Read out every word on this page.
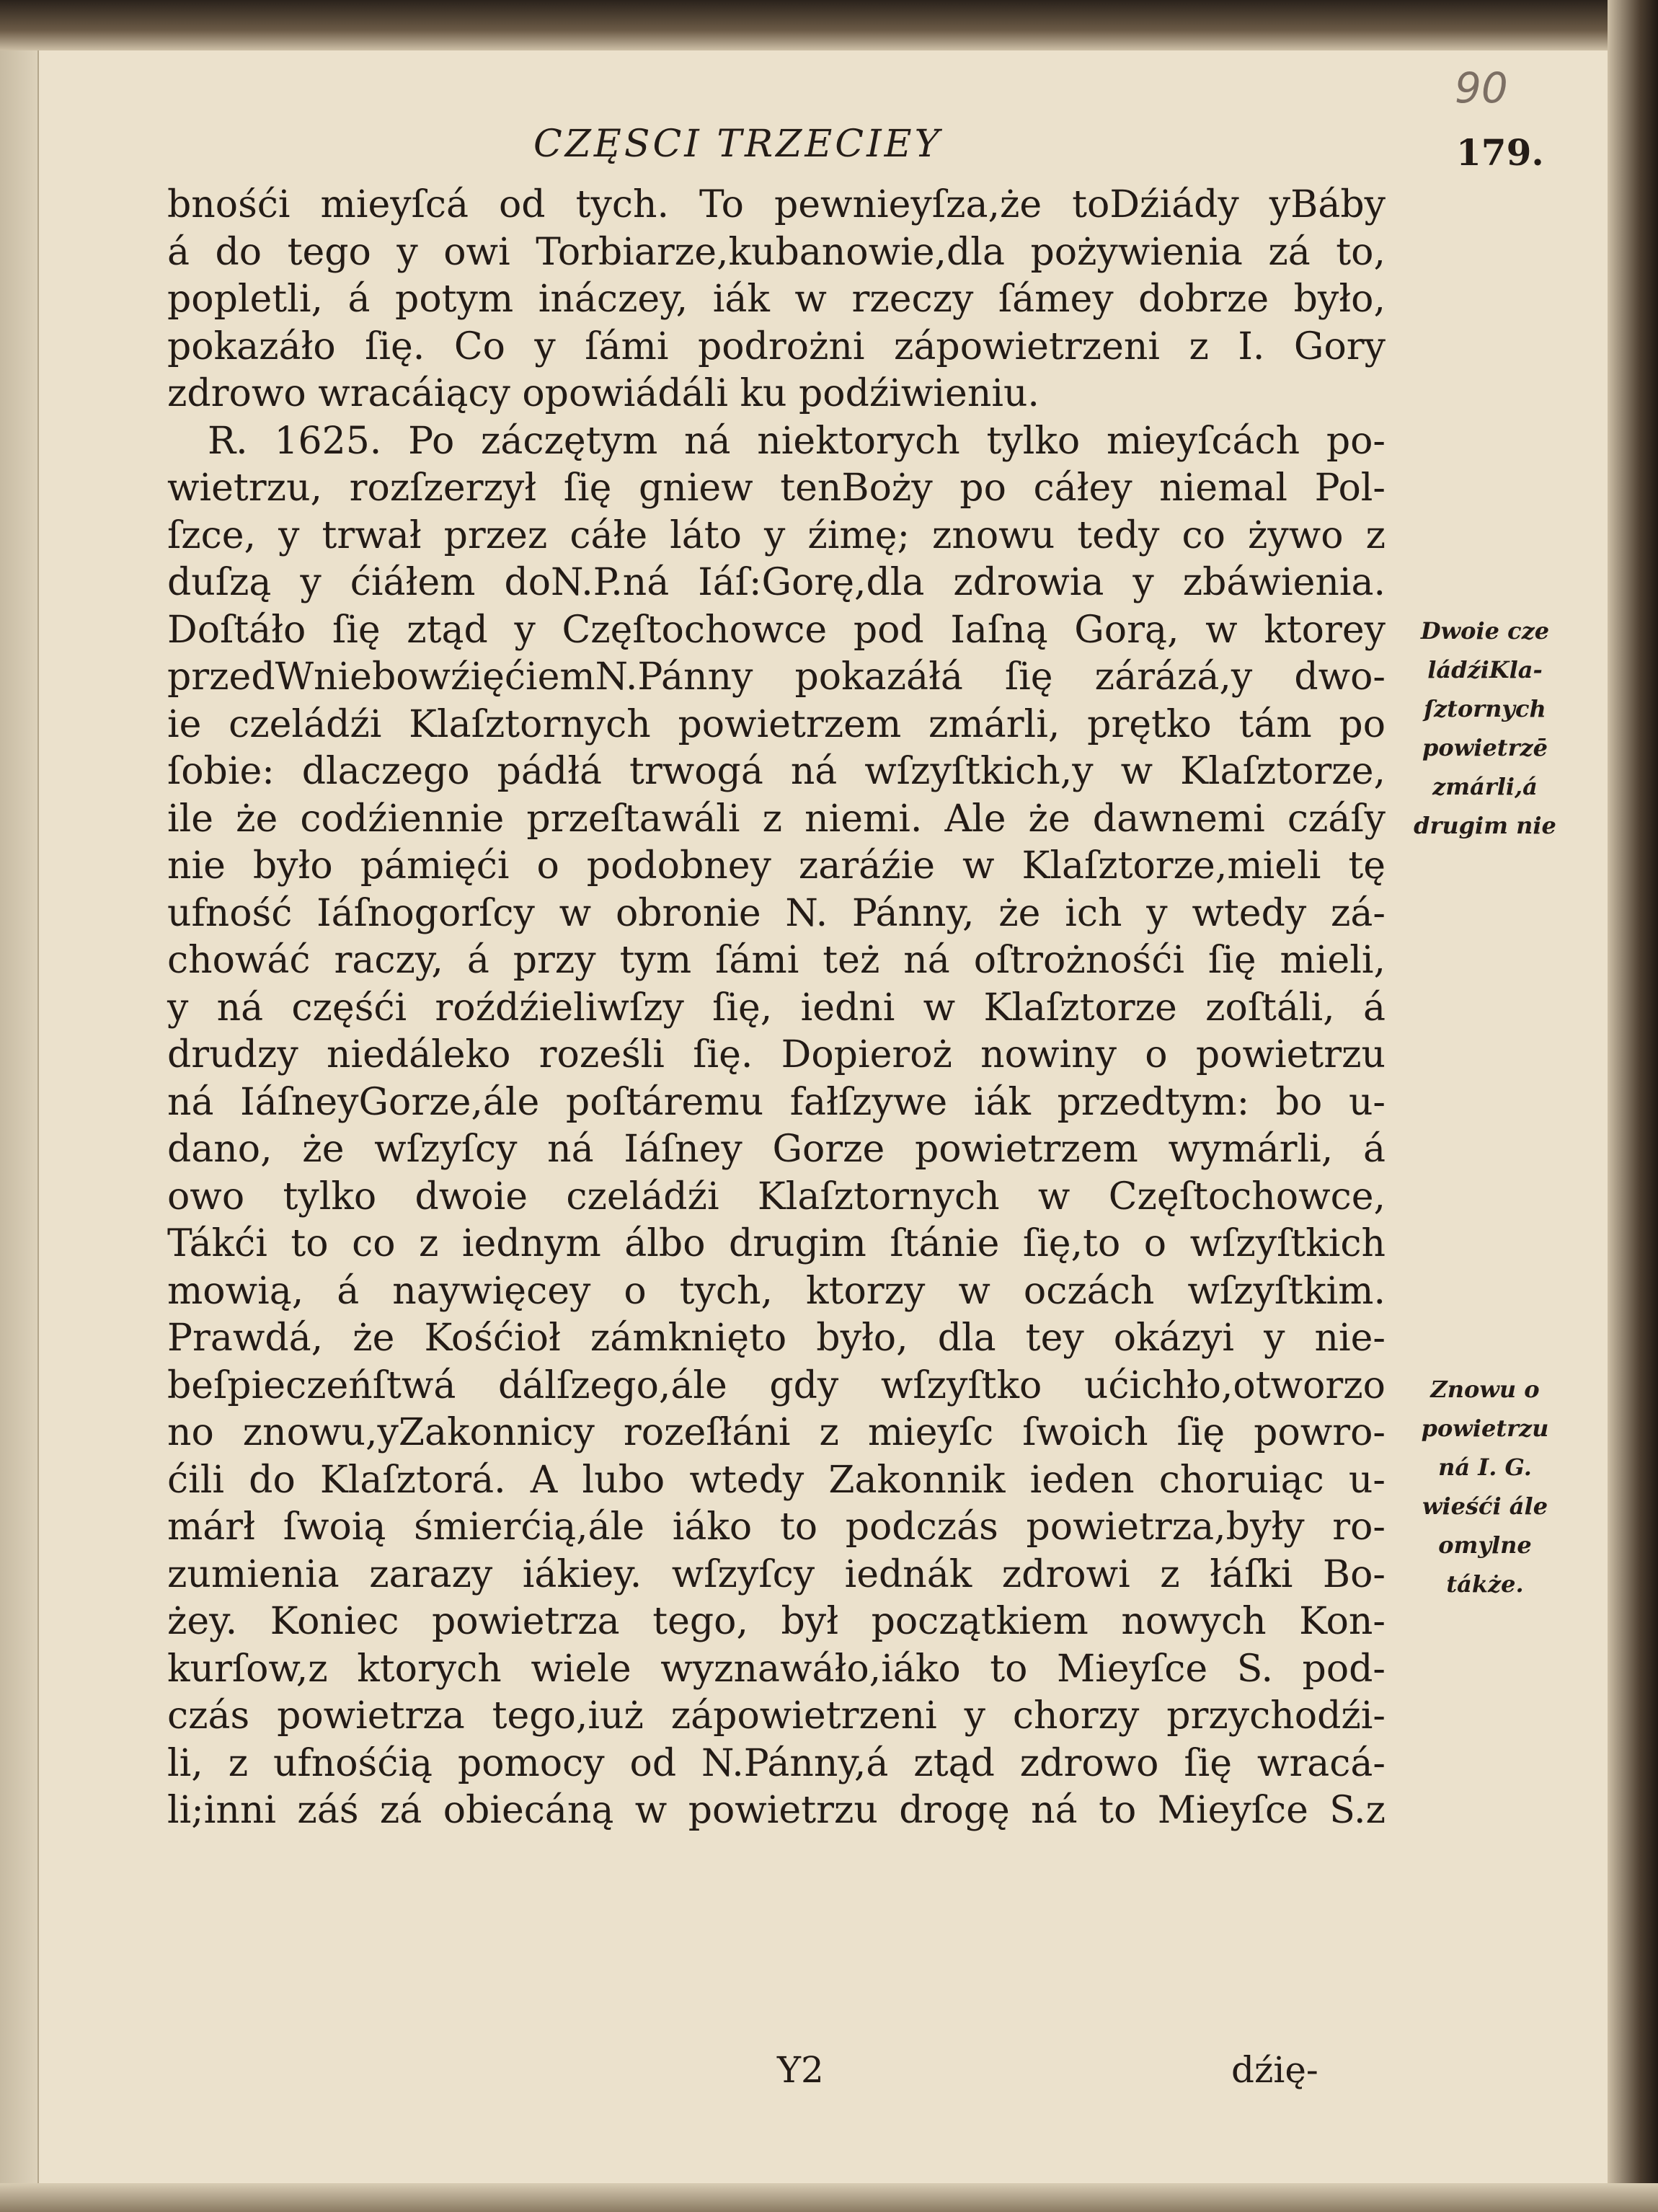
90
CZĘSCI TRZECIEY	179.
bnośći mieyſcá od tych. To pewnieyſza,że toDźiády yBáby
á do tego y owi Torbiarze,kubanowie,dla pożywienia zá to,
popletli, á potym ináczey, iák w rzeczy ſámey dobrze było,
pokazáło ſię. Co y ſámi podrożni zápowietrzeni z I. Gory
zdrowo wracáiący opowiádáli ku podźiwieniu.
R. 1625. Po záczętym ná niektorych tylko mieyſcách po-
wietrzu, rozſzerzył ſię gniew tenBoży po cáłey niemal Pol-
ſzce, y trwał przez cáłe láto y źimę; znowu tedy co żywo z
duſzą y ćiáłem doN.P.ná Iáſ:Gorę,dla zdrowia y zbáwienia.
Doſtáło ſię ztąd y Częſtochowce pod Iaſną Gorą, w ktorey
przedWniebowźięćiemN.Pánny pokazáłá ſię zárázá,y dwo-
ie czeládźi Klaſztornych powietrzem zmárli, prętko tám po
ſobie: dlaczego pádłá trwogá ná wſzyſtkich,y w Klaſztorze,
ile że codźiennie przeſtawáli z niemi. Ale że dawnemi czáſy
nie było pámięći o podobney zaráźie w Klaſztorze,mieli tę
ufność Iáſnogorſcy w obronie N. Pánny, że ich y wtedy zá-
chowáć raczy, á przy tym ſámi też ná oſtrożnośći ſię mieli,
y ná częśći roźdźieliwſzy ſię, iedni w Klaſztorze zoſtáli, á
drudzy niedáleko roześli ſię. Dopieroż nowiny o powietrzu
ná IáſneyGorze,ále poſtáremu fałſzywe iák przedtym: bo u-
dano, że wſzyſcy ná Iáſney Gorze powietrzem wymárli, á
owo tylko dwoie czeládźi Klaſztornych w Częſtochowce,
Tákći to co z iednym álbo drugim ſtánie ſię,to o wſzyſtkich
mowią, á naywięcey o tych, ktorzy w oczách wſzyſtkim.
Prawdá, że Kośćioł zámknięto było, dla tey okázyi y nie-
beſpieczeńſtwá dálſzego,ále gdy wſzyſtko ućichło,otworzo
no znowu,yZakonnicy rozeſłáni z mieyſc ſwoich ſię powro-
ćili do Klaſztorá. A lubo wtedy Zakonnik ieden choruiąc u-
márł ſwoią śmierćią,ále iáko to podczás powietrza,były ro-
zumienia zarazy iákiey. wſzyſcy iednák zdrowi z łáſki Bo-
żey. Koniec powietrza tego, był początkiem nowych Kon-
kurſow,z ktorych wiele wyznawáło,iáko to Mieyſce S. pod-
czás powietrza tego,iuż zápowietrzeni y chorzy przychodźi-
li, z ufnośćią pomocy od N.Pánny,á ztąd zdrowo ſię wracá-
li;inni záś zá obiecáną w powietrzu drogę ná to Mieyſce S.z
Dwoie cze
ládźiKla-
ſztornych
powietrzē
zmárli,á
drugim nie
Znowu o
powietrzu
ná I. G.
wieśći ále
omylne
tákże.
Y2	dźię-
